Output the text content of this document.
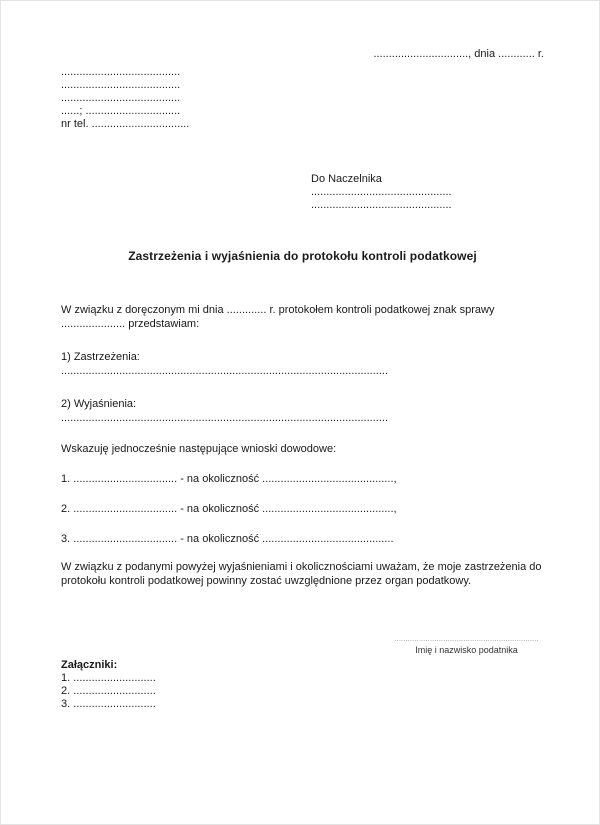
..............................., dnia ............ r.
.......................................
.......................................
.......................................
......; ...............................
nr tel. ................................
Do Naczelnika
..............................................
..............................................
Zastrzeżenia i wyjaśnienia do protokołu kontroli podatkowej

W związku z doręczonym mi dnia ............. r. protokołem kontroli podatkowej znak sprawy ..................... przedstawiam:

1) Zastrzeżenia:
...........................................................................................................
2) Wyjaśnienia:
...........................................................................................................
Wskazuję jednocześnie następujące wnioski dowodowe:
1. .................................. - na okoliczność ...........................................,
2. .................................. - na okoliczność ...........................................,
3. .................................. - na okoliczność ...........................................

W związku z podanymi powyżej wyjaśnieniami i okolicznościami uważam, że moje zastrzeżenia do protokołu kontroli podatkowej powinny zostać uwzględnione przez organ podatkowy.

.................................................................
Imię i nazwisko podatnika
Załączniki:
1. ...........................
2. ...........................
3. ...........................
